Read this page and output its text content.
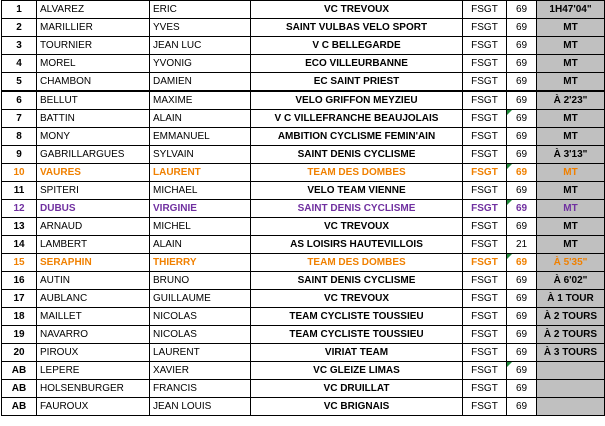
1	ALVAREZ	ERIC	VC TREVOUX	FSGT	69	1H47'04"
2	MARILLIER	YVES	SAINT VULBAS VELO SPORT	FSGT	69	MT
3	TOURNIER	JEAN LUC	V C BELLEGARDE	FSGT	69	MT
4	MOREL	YVONIG	ECO VILLEURBANNE	FSGT	69	MT
5	CHAMBON	DAMIEN	EC SAINT PRIEST	FSGT	69	MT
6	BELLUT	MAXIME	VELO GRIFFON MEYZIEU	FSGT	69	À 2'23"
7	BATTIN	ALAIN	V C VILLEFRANCHE BEAUJOLAIS	FSGT	69	MT
8	MONY	EMMANUEL	AMBITION CYCLISME FEMIN'AIN	FSGT	69	MT
9	GABRILLARGUES	SYLVAIN	SAINT DENIS CYCLISME	FSGT	69	À 3'13"
10	VAURES	LAURENT	TEAM DES DOMBES	FSGT	69	MT
11	SPITERI	MICHAEL	VELO TEAM VIENNE	FSGT	69	MT
12	DUBUS	VIRGINIE	SAINT DENIS CYCLISME	FSGT	69	MT
13	ARNAUD	MICHEL	VC TREVOUX	FSGT	69	MT
14	LAMBERT	ALAIN	AS LOISIRS HAUTEVILLOIS	FSGT	21	MT
15	SERAPHIN	THIERRY	TEAM DES DOMBES	FSGT	69	À 5'35"
16	AUTIN	BRUNO	SAINT DENIS CYCLISME	FSGT	69	À 6'02"
17	AUBLANC	GUILLAUME	VC TREVOUX	FSGT	69	À 1 TOUR
18	MAILLET	NICOLAS	TEAM CYCLISTE TOUSSIEU	FSGT	69	À 2 TOURS
19	NAVARRO	NICOLAS	TEAM CYCLISTE TOUSSIEU	FSGT	69	À 2 TOURS
20	PIROUX	LAURENT	VIRIAT TEAM	FSGT	69	À 3 TOURS
AB	LEPERE	XAVIER	VC GLEIZE LIMAS	FSGT	69

AB	HOLSENBURGER	FRANCIS	VC DRUILLAT	FSGT	69	
AB	FAUROUX	JEAN LOUIS	VC BRIGNAIS	FSGT	69	
